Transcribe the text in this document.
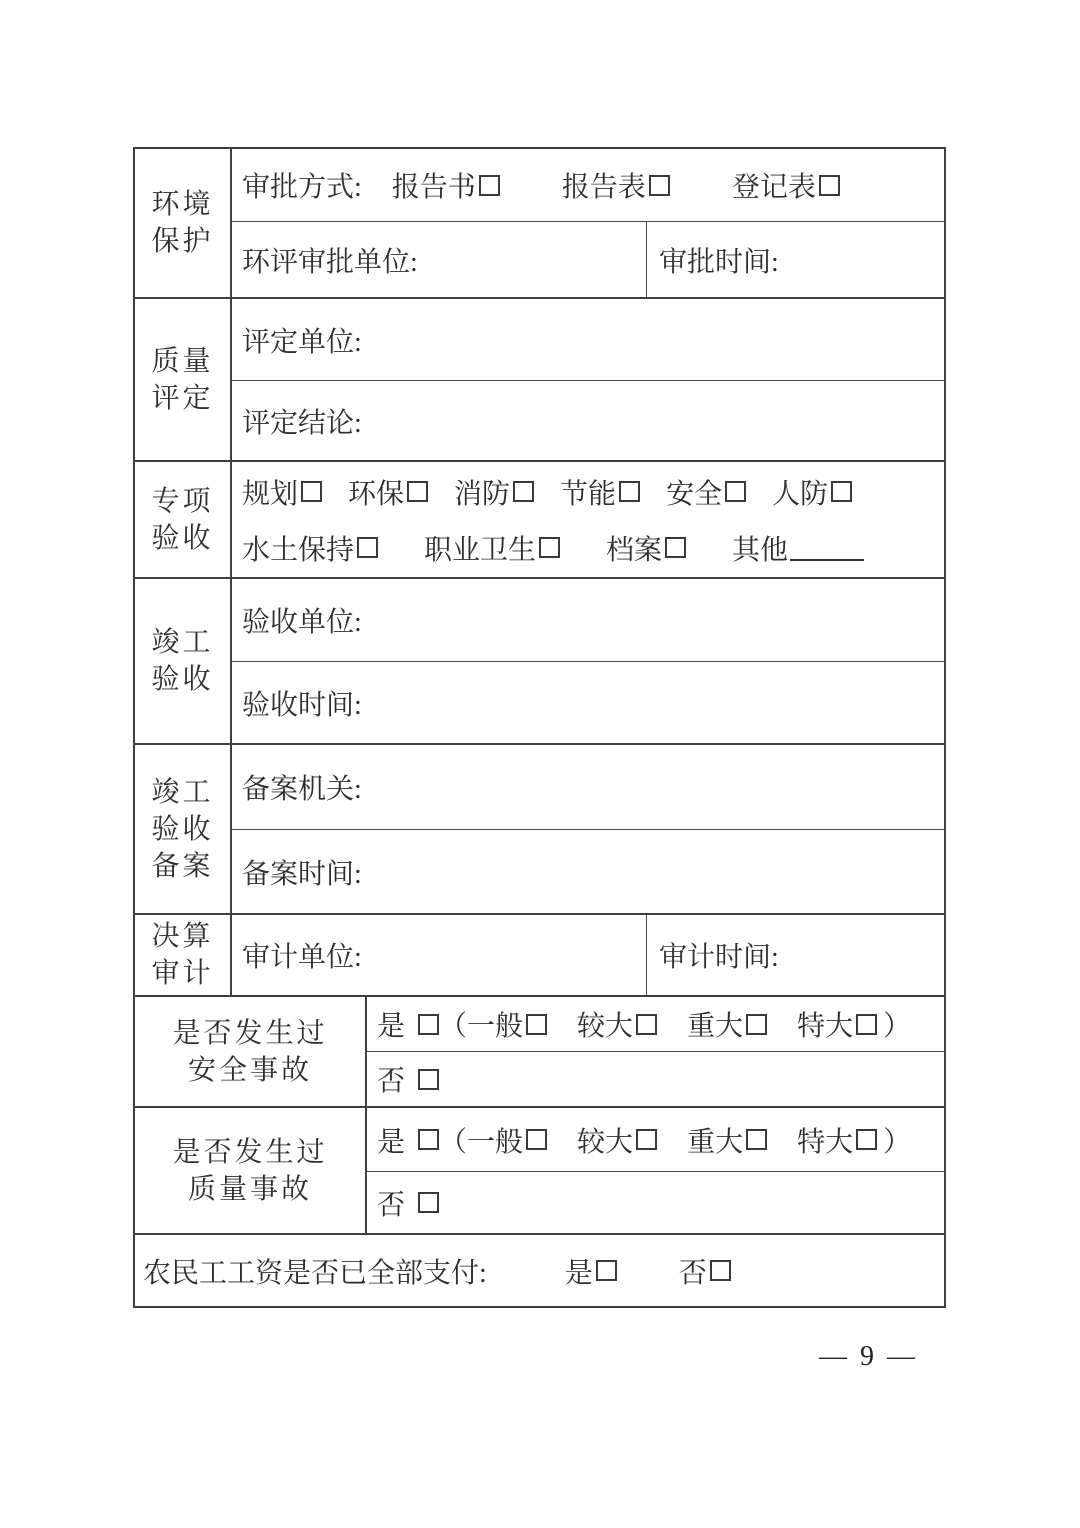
环境
保护
审批方式: 报告书	报告表	登记表
环评审批单位:	审批时间:
质量
评定
评定单位:
评定结论:
专项
验收
规划 环保 消防 节能 安全 人防
水土保持	职业卫生	档案	其他
竣工
验收
验收单位:
验收时间:
竣工
验收
备案
备案机关:
备案时间:
决算
审计
审计单位:	审计时间:
是否发生过
安全事故
是 （ 一般 较大 重大 特大 ）
否
是否发生过
质量事故
是 （ 一般 较大 重大 特大 ）
否
农民工工资是否已全部支付:	是	否
— 9 —
